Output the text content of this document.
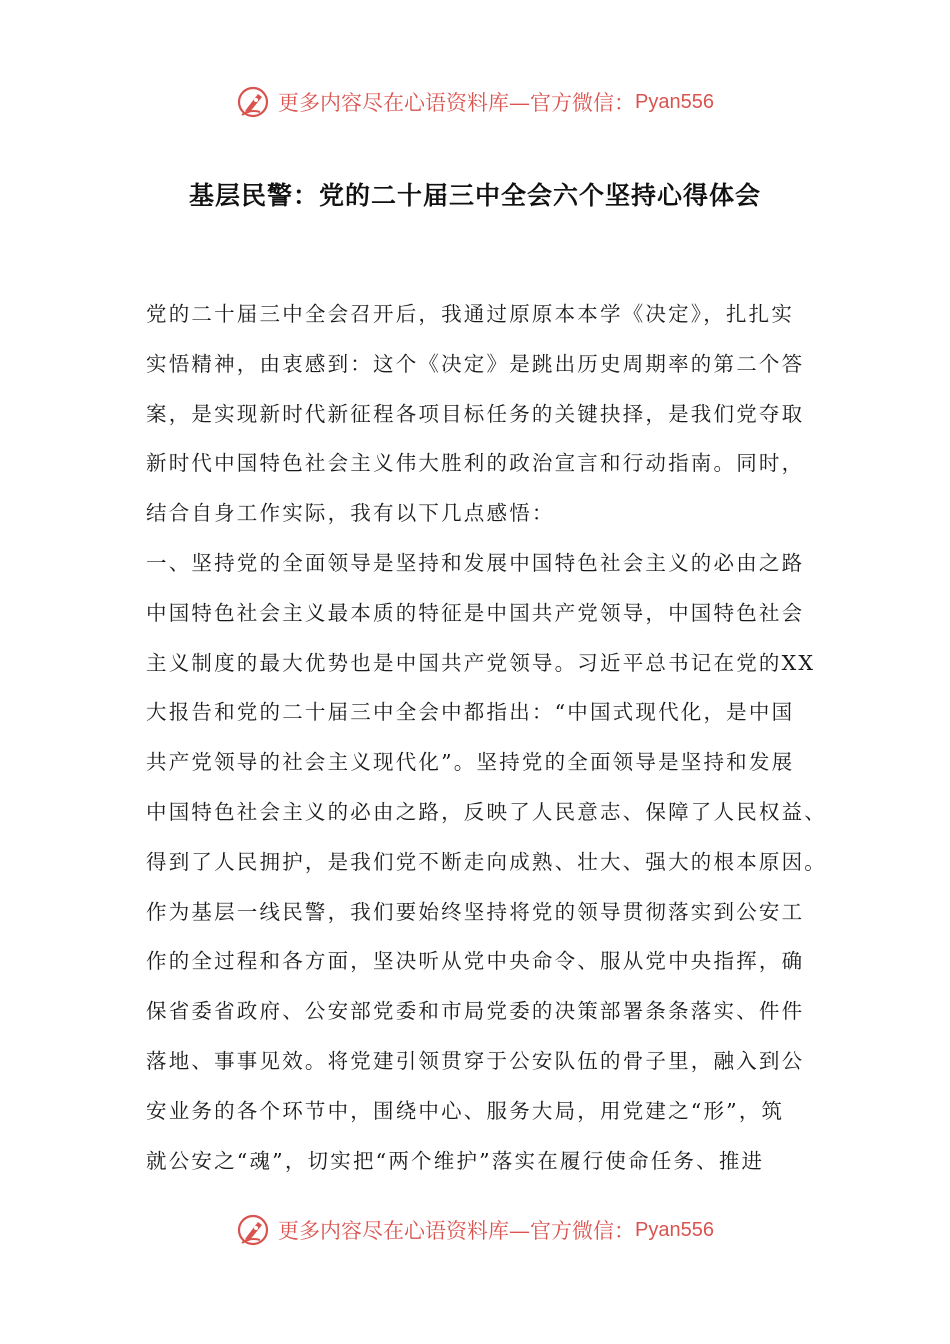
更多内容尽在心语资料库—官方微信： Pyan556
基层民警：党的二十届三中全会六个坚持心得体会
党的二十届三中全会召开后，我通过原原本本学《决定》，扎扎实
实悟精神，由衷感到：这个《决定》是跳出历史周期率的第二个答
案，是实现新时代新征程各项目标任务的关键抉择，是我们党夺取
新时代中国特色社会主义伟大胜利的政治宣言和行动指南。同时，
结合自身工作实际，我有以下几点感悟：
一、坚持党的全面领导是坚持和发展中国特色社会主义的必由之路
中国特色社会主义最本质的特征是中国共产党领导，中国特色社会
主义制度的最大优势也是中国共产党领导。习近平总书记在党的XX
大报告和党的二十届三中全会中都指出：“中国式现代化，是中国
共产党领导的社会主义现代化”。坚持党的全面领导是坚持和发展
中国特色社会主义的必由之路，反映了人民意志、保障了人民权益、
得到了人民拥护，是我们党不断走向成熟、壮大、强大的根本原因。
作为基层一线民警，我们要始终坚持将党的领导贯彻落实到公安工
作的全过程和各方面，坚决听从党中央命令、服从党中央指挥，确
保省委省政府、公安部党委和市局党委的决策部署条条落实、件件
落地、事事见效。将党建引领贯穿于公安队伍的骨子里，融入到公
安业务的各个环节中，围绕中心、服务大局，用党建之“形”，筑
就公安之“魂”，切实把“两个维护”落实在履行使命任务、推进
更多内容尽在心语资料库—官方微信： Pyan556
